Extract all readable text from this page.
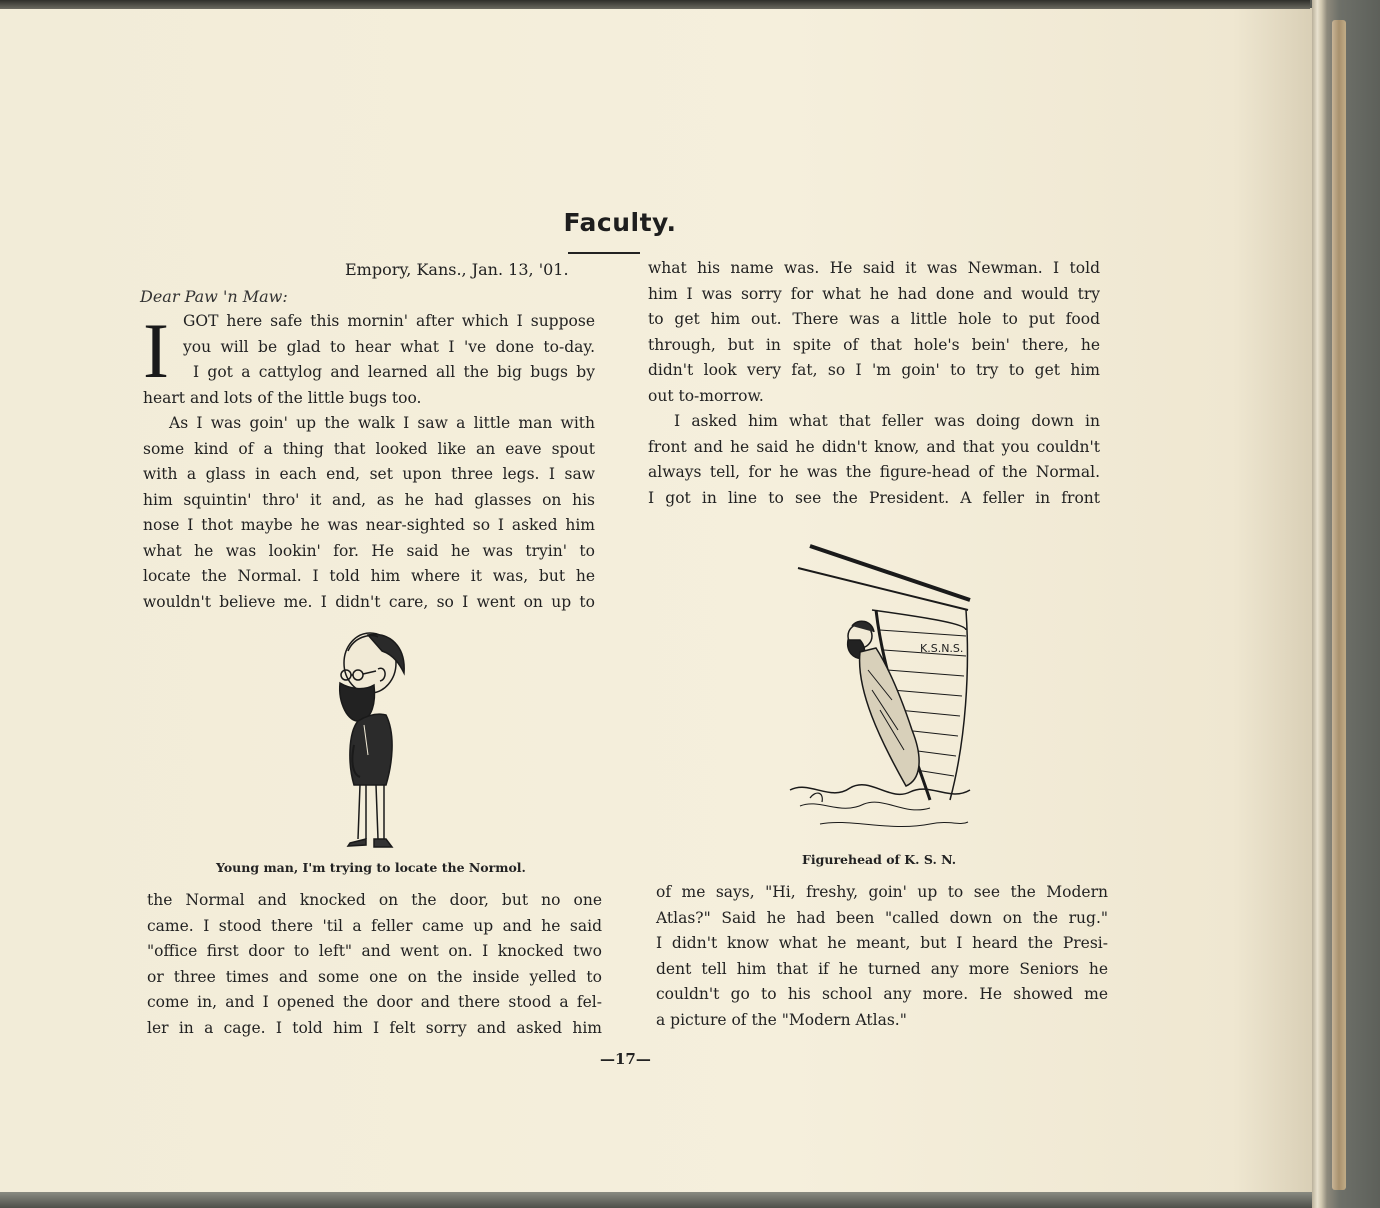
Faculty.
Empory, Kans., Jan. 13, '01.
Dear Paw 'n Maw:
I GOT here safe this mornin' after which I suppose
you will be glad to hear what I 've done to-day.
I got a cattylog and learned all the big bugs by
heart and lots of the little bugs too.
As I was goin' up the walk I saw a little man with
some kind of a thing that looked like an eave spout
with a glass in each end, set upon three legs. I saw
him squintin' thro' it and, as he had glasses on his
nose I thot maybe he was near-sighted so I asked him
what he was lookin' for. He said he was tryin' to
locate the Normal. I told him where it was, but he
wouldn't believe me. I didn't care, so I went on up to
what his name was. He said it was Newman. I told
him I was sorry for what he had done and would try
to get him out. There was a little hole to put food
through, but in spite of that hole's bein' there, he
didn't look very fat, so I 'm goin' to try to get him
out to-morrow.
I asked him what that feller was doing down in
front and he said he didn't know, and that you couldn't
always tell, for he was the figure-head of the Normal.
I got in line to see the President. A feller in front
Young man, I'm trying to locate the Normol.
K.S.N.S.
Figurehead of K. S. N.
the Normal and knocked on the door, but no one
came. I stood there 'til a feller came up and he said
"office first door to left" and went on. I knocked two
or three times and some one on the inside yelled to
come in, and I opened the door and there stood a fel-
ler in a cage. I told him I felt sorry and asked him
of me says, "Hi, freshy, goin' up to see the Modern
Atlas?" Said he had been "called down on the rug."
I didn't know what he meant, but I heard the Presi-
dent tell him that if he turned any more Seniors he
couldn't go to his school any more. He showed me
a picture of the "Modern Atlas."
—17—
